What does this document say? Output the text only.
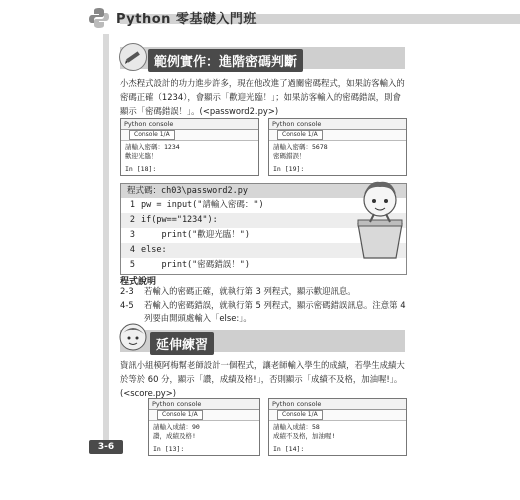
Python 零基礎入門班
範例實作：進階密碼判斷

小杰程式設計的功力進步許多，現在他改進了過關密碼程式，如果訪客輸入的密碼正確（1234），會顯示「歡迎光臨！」；如果訪客輸入的密碼錯誤，則會顯示「密碼錯誤！」。(<password2.py>)

Python console
Console 1/A
請輸入密碼：1234
歡迎光臨！
In [18]:
Python console
Console 1/A
請輸入密碼：5678
密碼錯誤！
In [19]:
程式碼：ch03\password2.py
1 pw = input("請輸入密碼：")
2 if(pw=="1234"):
3    print("歡迎光臨！")
4 else:
5    print("密碼錯誤！")
程式說明
2-3 若輸入的密碼正確，就執行第 3 列程式，顯示歡迎訊息。
4-5 若輸入的密碼錯誤，就執行第 5 列程式，顯示密碼錯誤訊息。注意第 4 列要由開頭處輸入「else:」。
延伸練習

資訊小組模阿梅幫老師設計一個程式，讓老師輸入學生的成績，若學生成績大於等於 60 分，顯示「讚，成績及格!」，否則顯示「成績不及格，加油喔!」。(<score.py>)

Python console
Console 1/A
請輸入成績：90
讚，成績及格!
In [13]:
Python console
Console 1/A
請輸入成績：58
成績不及格，加油喔!
In [14]:
3-6
